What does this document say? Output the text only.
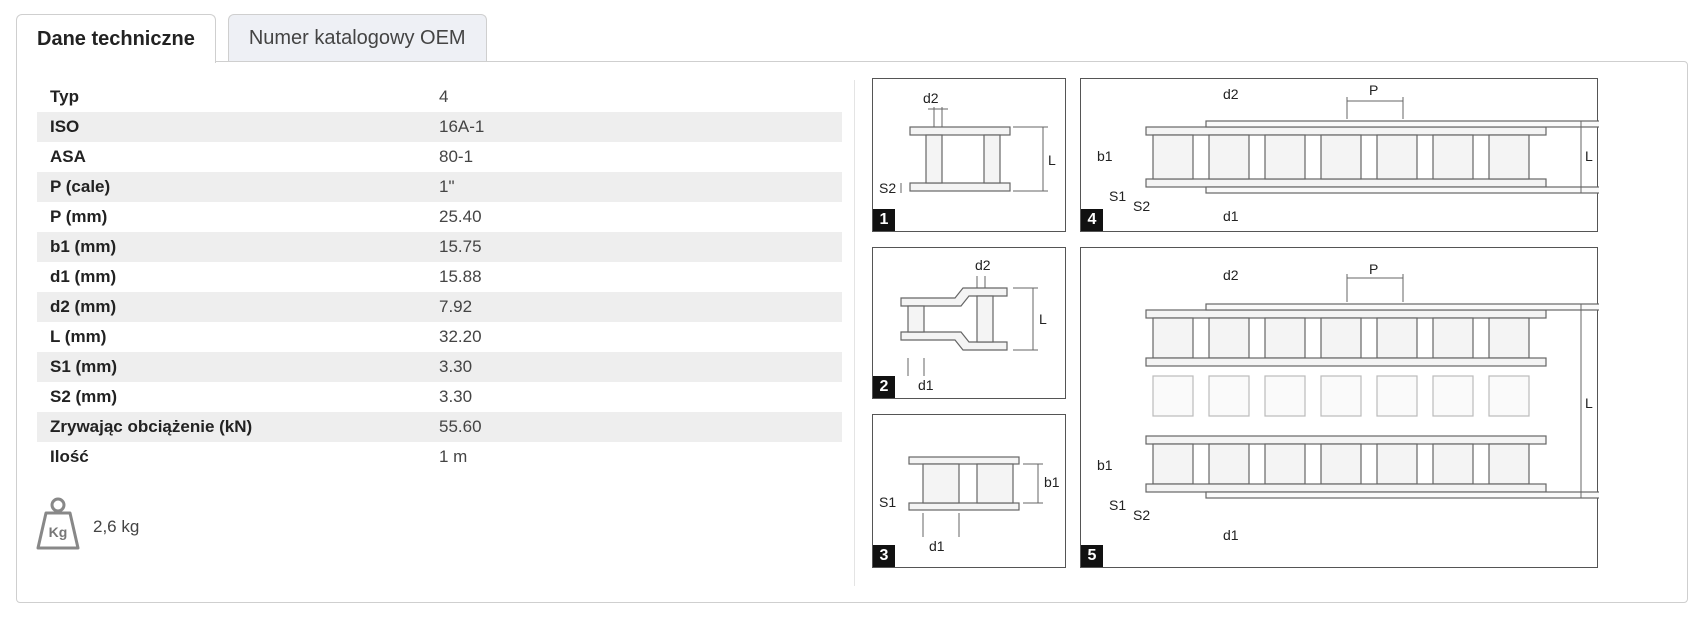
Dane techniczne	Numer katalogowy OEM
Typ	4
ISO	16A-1
ASA	80-1
P (cale)	1"
P (mm)	25.40
b1 (mm)	15.75
d1 (mm)	15.88
d2 (mm)	7.92
L (mm)	32.20
S1 (mm)	3.30
S2 (mm)	3.30
Zrywając obciążenie (kN)	55.60
Ilość	1 m
Kg 2,6 kg
d2
L
S2
1
d2
L
d1
2
b1
S1
d1
3
d2	P
L
b1
S1
S2
d1
4
d2	P
L
b1
S1
S2
d1
5
